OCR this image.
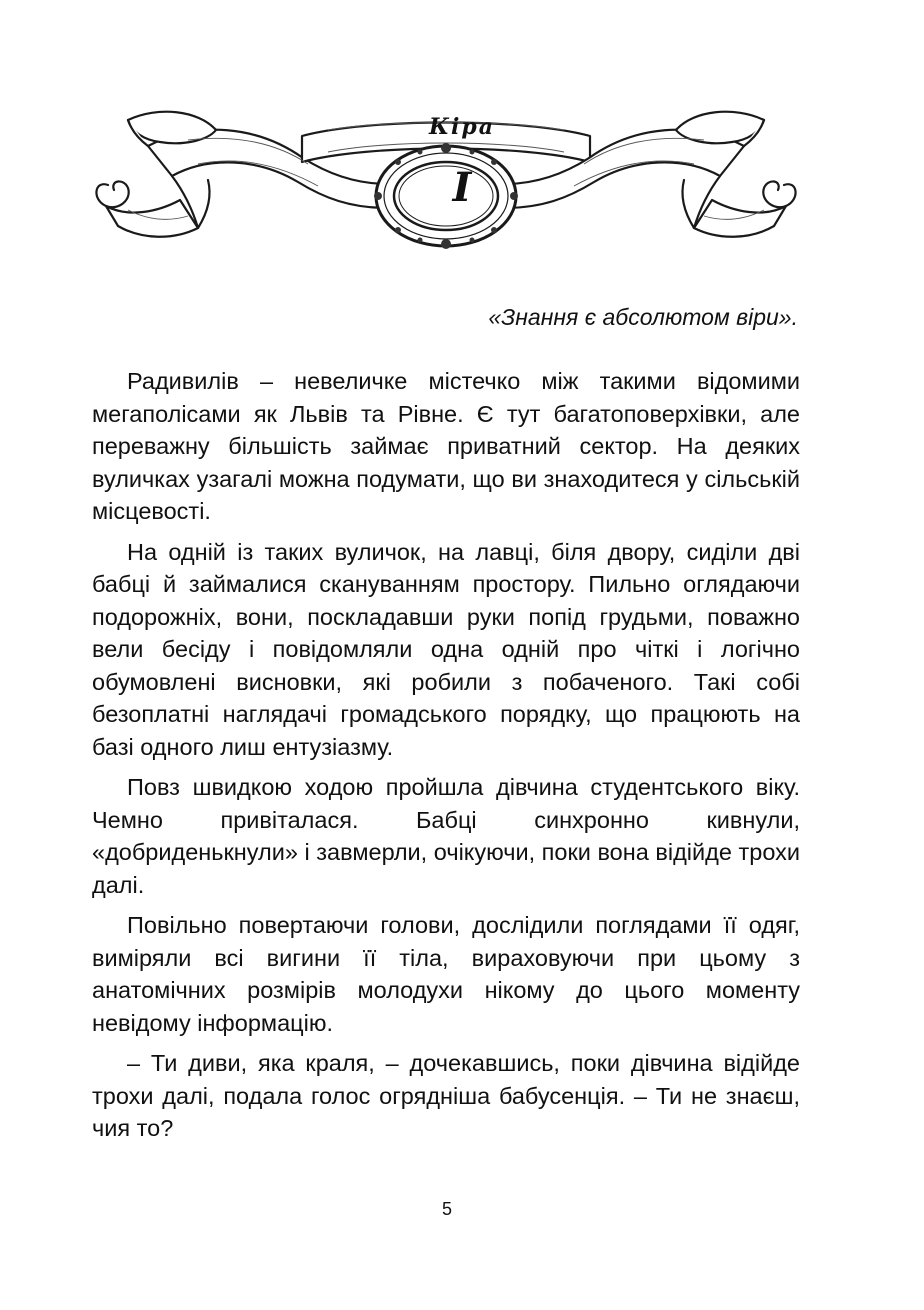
Кіра
I
«Знання є абсолютом віри».

Радивилів – невеличке містечко між такими відомими мегаполісами як Львів та Рівне. Є тут багатоповерхівки, але переважну більшість займає приватний сектор. На деяких вуличках узагалі можна подумати, що ви знаходитеся у сільській місцевості.

На одній із таких вуличок, на лавці, біля двору, сиділи дві бабці й займалися скануванням простору. Пильно оглядаючи подорожніх, вони, поскладавши руки попід грудьми, поважно вели бесіду і повідомляли одна одній про чіткі і логічно обумовлені висновки, які робили з побаченого. Такі собі безоплатні наглядачі громадського порядку, що працюють на базі одного лиш ентузіазму.

Повз швидкою ходою пройшла дівчина студентського віку. Чемно привіталася. Бабці синхронно кивнули, «добриденькнули» і завмерли, очікуючи, поки вона відійде трохи далі.

Повільно повертаючи голови, дослідили поглядами її одяг, виміряли всі вигини її тіла, вираховуючи при цьому з анатомічних розмірів молодухи нікому до цього моменту невідому інформацію.

– Ти диви, яка краля, – дочекавшись, поки дівчина відійде трохи далі, подала голос огряднiша бабусенція. – Ти не знаєш, чия то?

5
